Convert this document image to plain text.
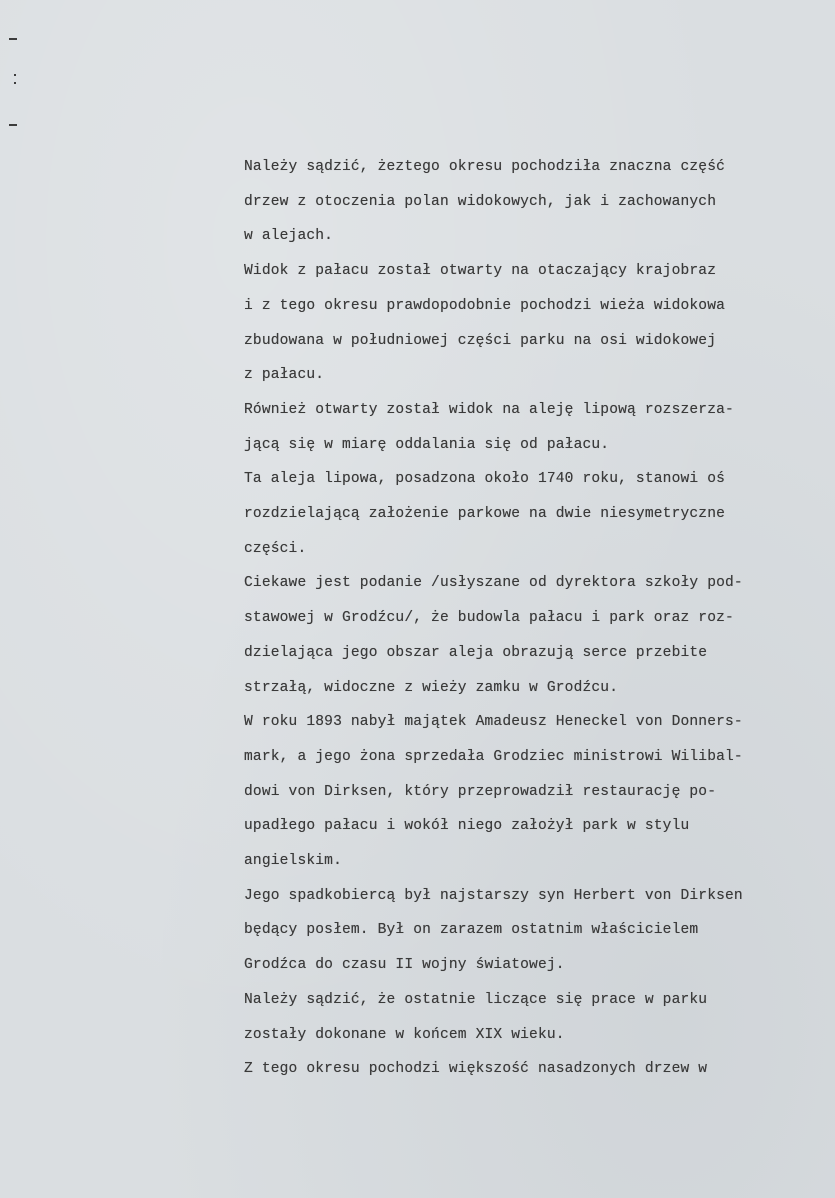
Należy sądzić, żeztego okresu pochodziła znaczna część
drzew z otoczenia polan widokowych, jak i zachowanych
w alejach.
Widok z pałacu został otwarty na otaczający krajobraz
i z tego okresu prawdopodobnie pochodzi wieża widokowa
zbudowana w południowej części parku na osi widokowej
z pałacu.
Również otwarty został widok na aleję lipową rozszerza-
jącą się w miarę oddalania się od pałacu.
Ta aleja lipowa, posadzona około 1740 roku, stanowi oś
rozdzielającą założenie parkowe na dwie niesymetryczne
części.
Ciekawe jest podanie /usłyszane od dyrektora szkoły pod-
stawowej w Grodźcu/, że budowla pałacu i park oraz roz-
dzielająca jego obszar aleja obrazują serce przebite
strzałą, widoczne z wieży zamku w Grodźcu.
W roku 1893 nabył majątek Amadeusz Heneckel von Donners-
mark, a jego żona sprzedała Grodziec ministrowi Wilibal-
dowi von Dirksen, który przeprowadził restaurację po-
upadłego pałacu i wokół niego założył park w stylu
angielskim.
Jego spadkobiercą był najstarszy syn Herbert von Dirksen
będący posłem. Był on zarazem ostatnim właścicielem
Grodźca do czasu II wojny światowej.
Należy sądzić, że ostatnie liczące się prace w parku
zostały dokonane w końcem XIX wieku.
Z tego okresu pochodzi większość nasadzonych drzew w
